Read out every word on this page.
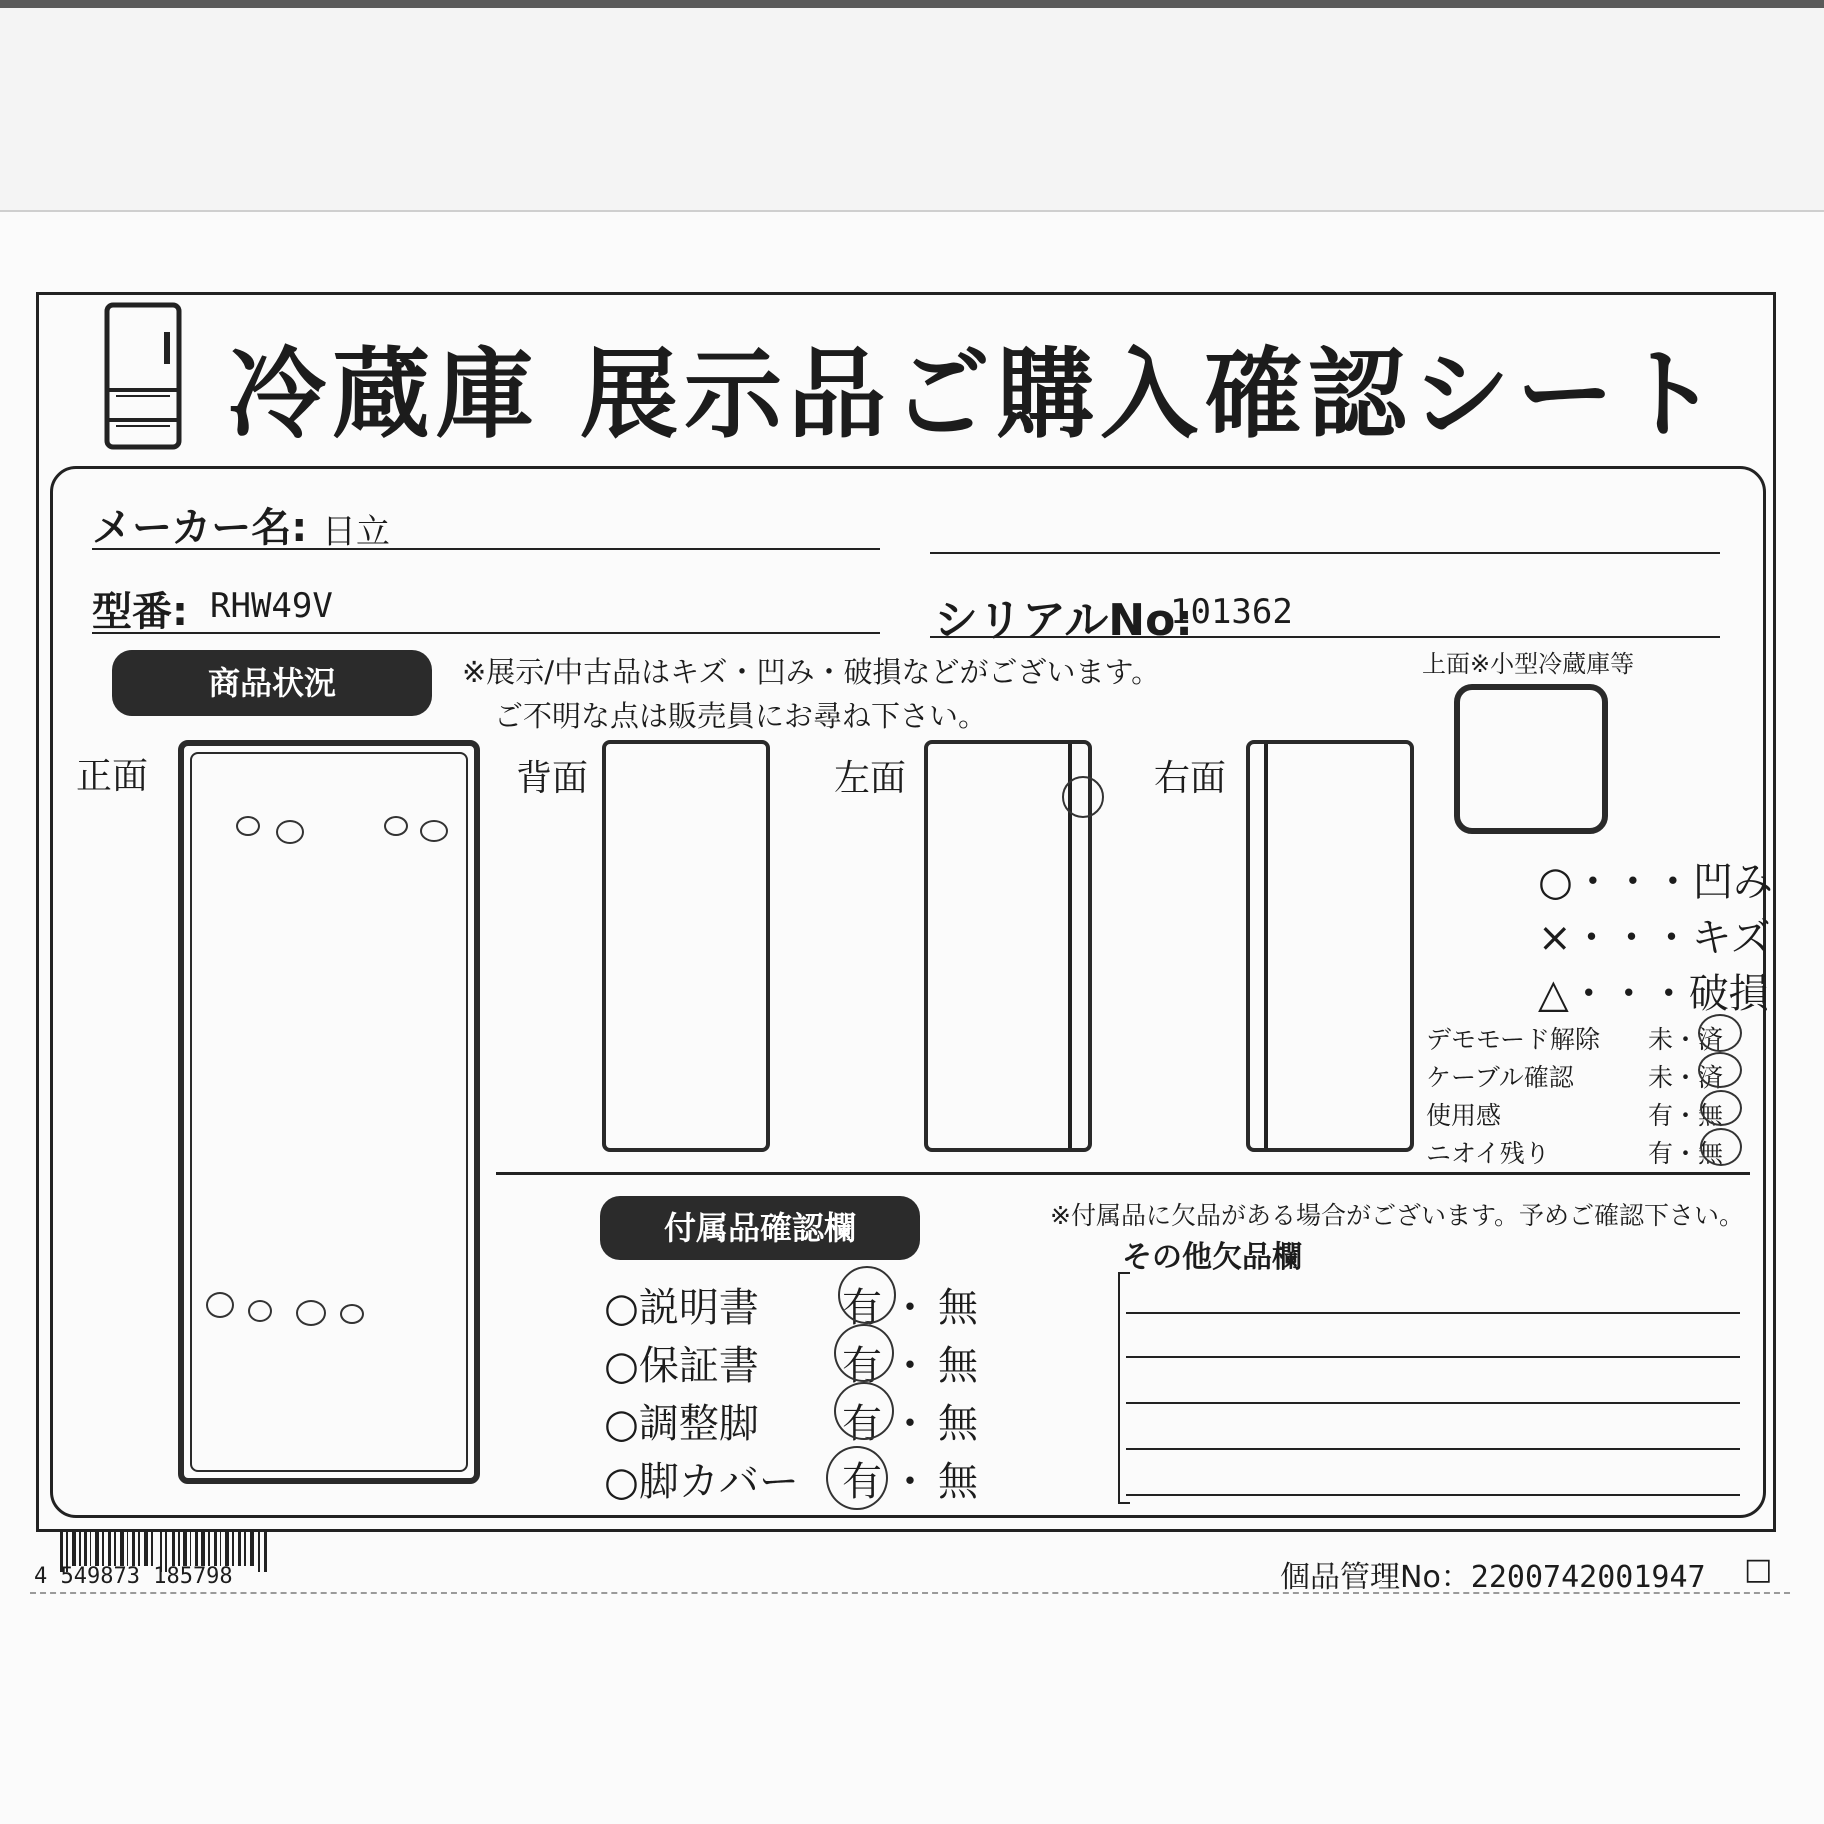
冷蔵庫 展示品ご購入確認シート
メーカー名: 日立
型番: RHW49V	シリアルNo:
101362
商品状況	※展示/中古品はキズ・凹み・破損などがございます。
ご不明な点は販売員にお尋ね下さい。
正面	背面	左面	右面
上面※小型冷蔵庫等
○・・・凹み
×・・・キズ
△・・・破損
デモモード解除 未・済
ケーブル確認	未・済
使用感	有・無
ニオイ残り	有・無
付属品確認欄	※付属品に欠品がある場合がございます。予めご確認下さい。
その他欠品欄
○説明書 有・無
○保証書 有・無
○調整脚 有・無
○脚カバー 有・無
4 549873 185798	個品管理No：2200742001947 □
